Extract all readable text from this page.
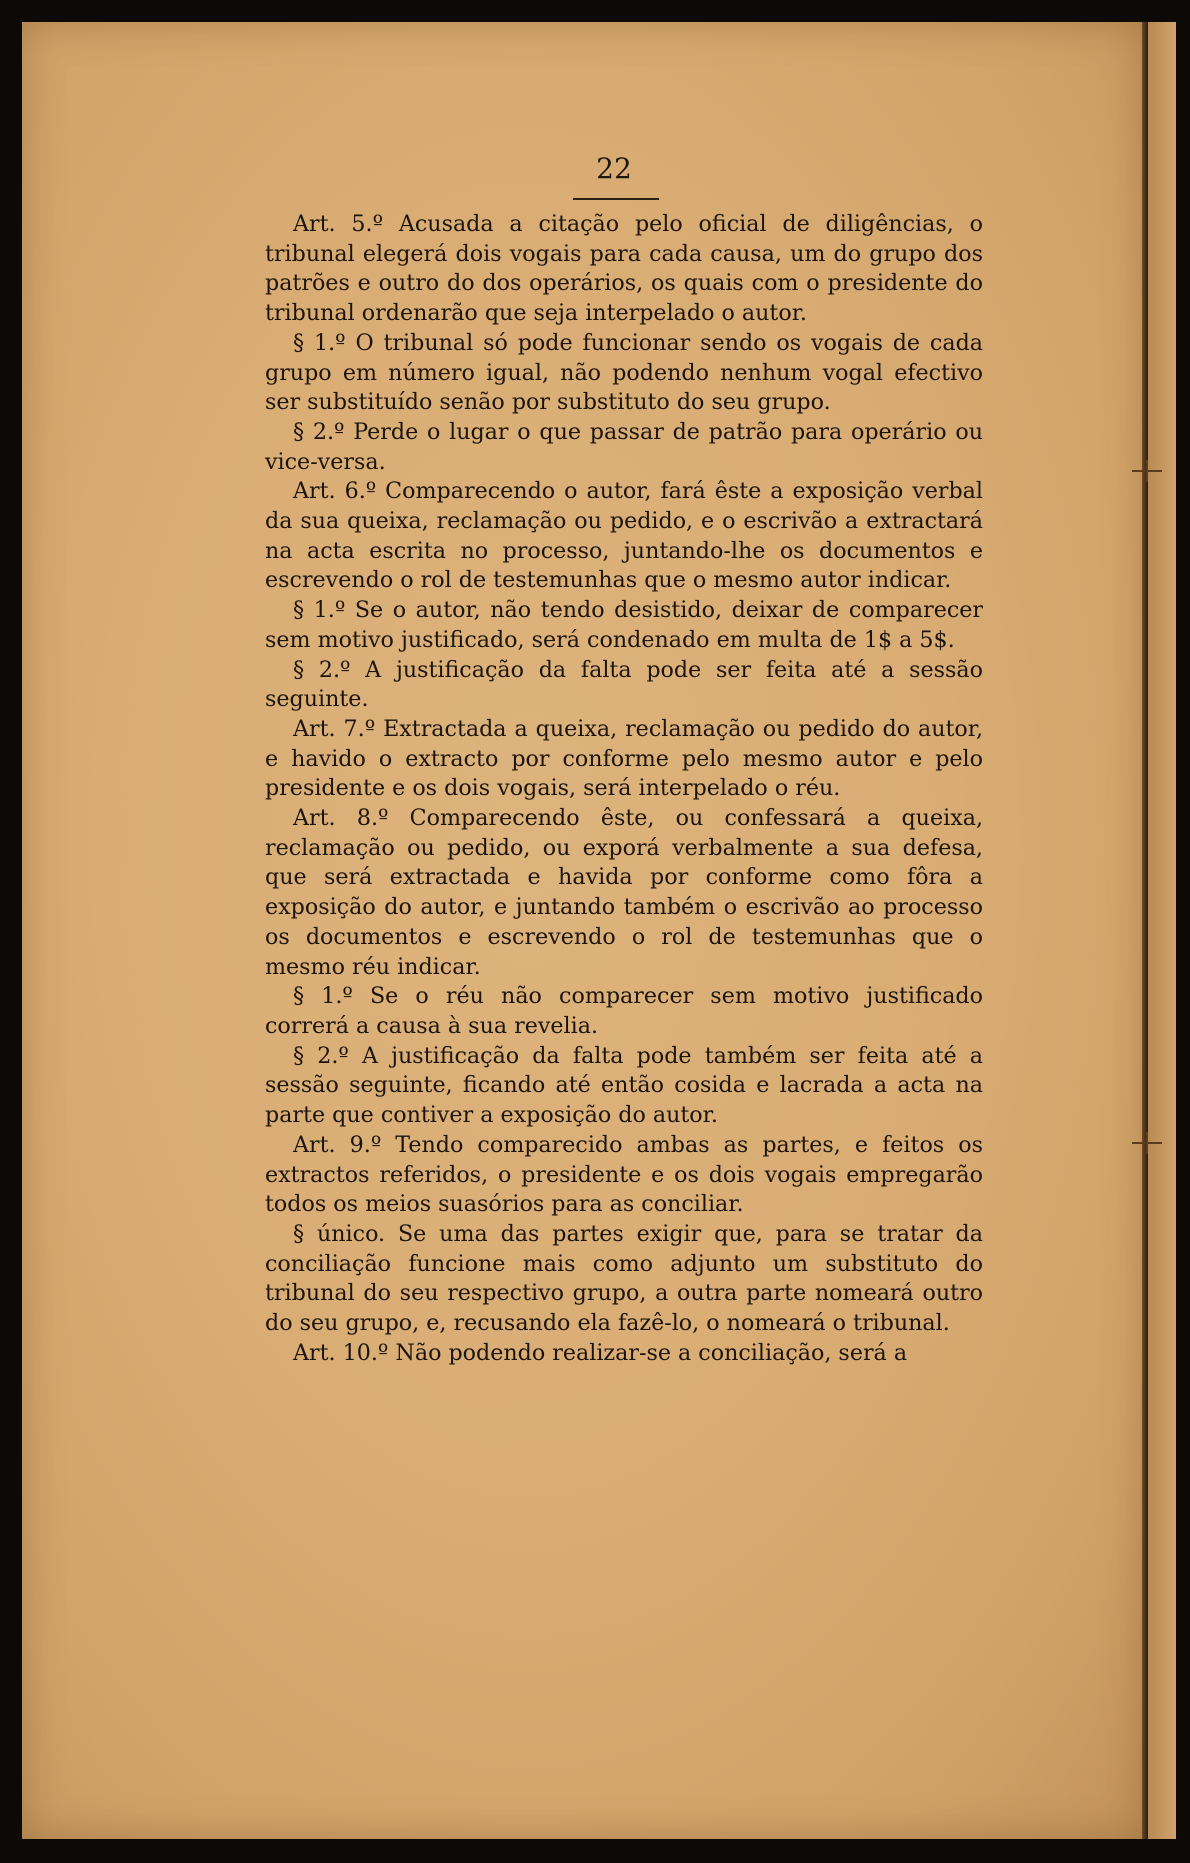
22

Art. 5.º Acusada a citação pelo oficial de diligências, o tribunal elegerá dois vogais para cada causa, um do grupo dos patrões e outro do dos operários, os quais com o presidente do tribunal ordenarão que seja interpelado o autor.

§ 1.º O tribunal só pode funcionar sendo os vogais de cada grupo em número igual, não podendo nenhum vogal efectivo ser substituído senão por substituto do seu grupo.

§ 2.º Perde o lugar o que passar de patrão para operário ou vice-versa.

Art. 6.º Comparecendo o autor, fará êste a exposição verbal da sua queixa, reclamação ou pedido, e o escrivão a extractará na acta escrita no processo, juntando-lhe os documentos e escrevendo o rol de testemunhas que o mesmo autor indicar.

§ 1.º Se o autor, não tendo desistido, deixar de comparecer sem motivo justificado, será condenado em multa de 1$ a 5$.

§ 2.º A justificação da falta pode ser feita até a sessão seguinte.

Art. 7.º Extractada a queixa, reclamação ou pedido do autor, e havido o extracto por conforme pelo mesmo autor e pelo presidente e os dois vogais, será interpelado o réu.

Art. 8.º Comparecendo êste, ou confessará a queixa, reclamação ou pedido, ou exporá verbalmente a sua defesa, que será extractada e havida por conforme como fôra a exposição do autor, e juntando também o escrivão ao processo os documentos e escrevendo o rol de testemunhas que o mesmo réu indicar.

§ 1.º Se o réu não comparecer sem motivo justificado correrá a causa à sua revelia.

§ 2.º A justificação da falta pode também ser feita até a sessão seguinte, ficando até então cosida e lacrada a acta na parte que contiver a exposição do autor.

Art. 9.º Tendo comparecido ambas as partes, e feitos os extractos referidos, o presidente e os dois vogais empregarão todos os meios suasórios para as conciliar.

§ único. Se uma das partes exigir que, para se tratar da conciliação funcione mais como adjunto um substituto do tribunal do seu respectivo grupo, a outra parte nomeará outro do seu grupo, e, recusando ela fazê-lo, o nomeará o tribunal.

Art. 10.º Não podendo realizar-se a conciliação, será a
